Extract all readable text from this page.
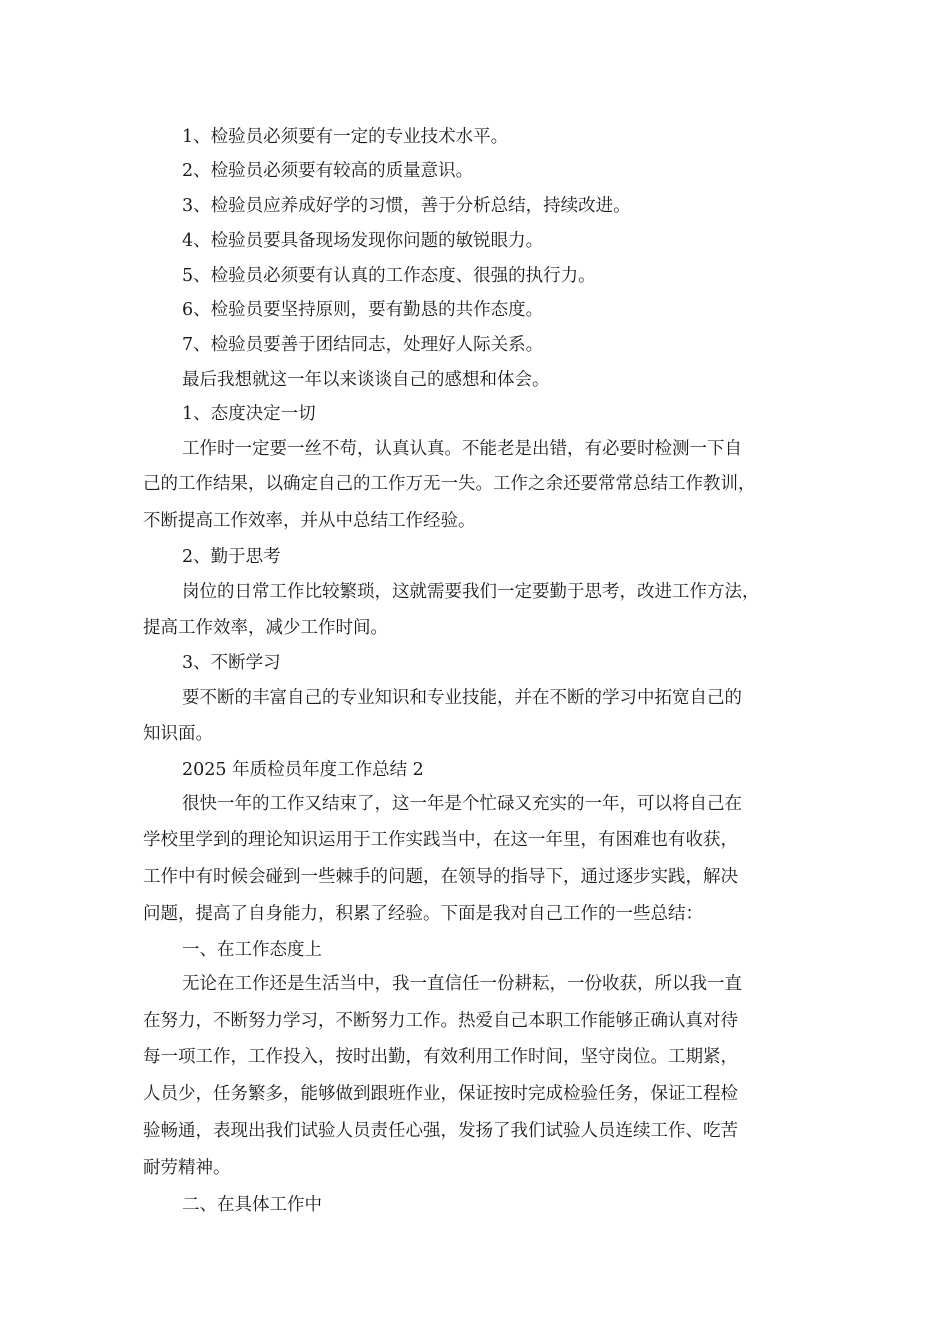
1、检验员必须要有一定的专业技术水平。

2、检验员必须要有较高的质量意识。

3、检验员应养成好学的习惯，善于分析总结，持续改进。

4、检验员要具备现场发现你问题的敏锐眼力。

5、检验员必须要有认真的工作态度、很强的执行力。

6、检验员要坚持原则，要有勤恳的共作态度。

7、检验员要善于团结同志，处理好人际关系。

最后我想就这一年以来谈谈自己的感想和体会。

1、态度决定一切

工作时一定要一丝不苟，认真认真。不能老是出错，有必要时检测一下自

己的工作结果，以确定自己的工作万无一失。工作之余还要常常总结工作教训，

不断提高工作效率，并从中总结工作经验。

2、勤于思考

岗位的日常工作比较繁琐，这就需要我们一定要勤于思考，改进工作方法，

提高工作效率，减少工作时间。

3、不断学习

要不断的丰富自己的专业知识和专业技能，并在不断的学习中拓宽自己的

知识面。

2025 年质检员年度工作总结 2

很快一年的工作又结束了，这一年是个忙碌又充实的一年，可以将自己在

学校里学到的理论知识运用于工作实践当中，在这一年里，有困难也有收获，

工作中有时候会碰到一些棘手的问题，在领导的指导下，通过逐步实践，解决

问题，提高了自身能力，积累了经验。下面是我对自己工作的一些总结：

一、在工作态度上

无论在工作还是生活当中，我一直信任一份耕耘，一份收获，所以我一直

在努力，不断努力学习，不断努力工作。热爱自己本职工作能够正确认真对待

每一项工作，工作投入，按时出勤，有效利用工作时间，坚守岗位。工期紧，

人员少，任务繁多，能够做到跟班作业，保证按时完成检验任务，保证工程检

验畅通，表现出我们试验人员责任心强，发扬了我们试验人员连续工作、吃苦

耐劳精神。

二、在具体工作中
